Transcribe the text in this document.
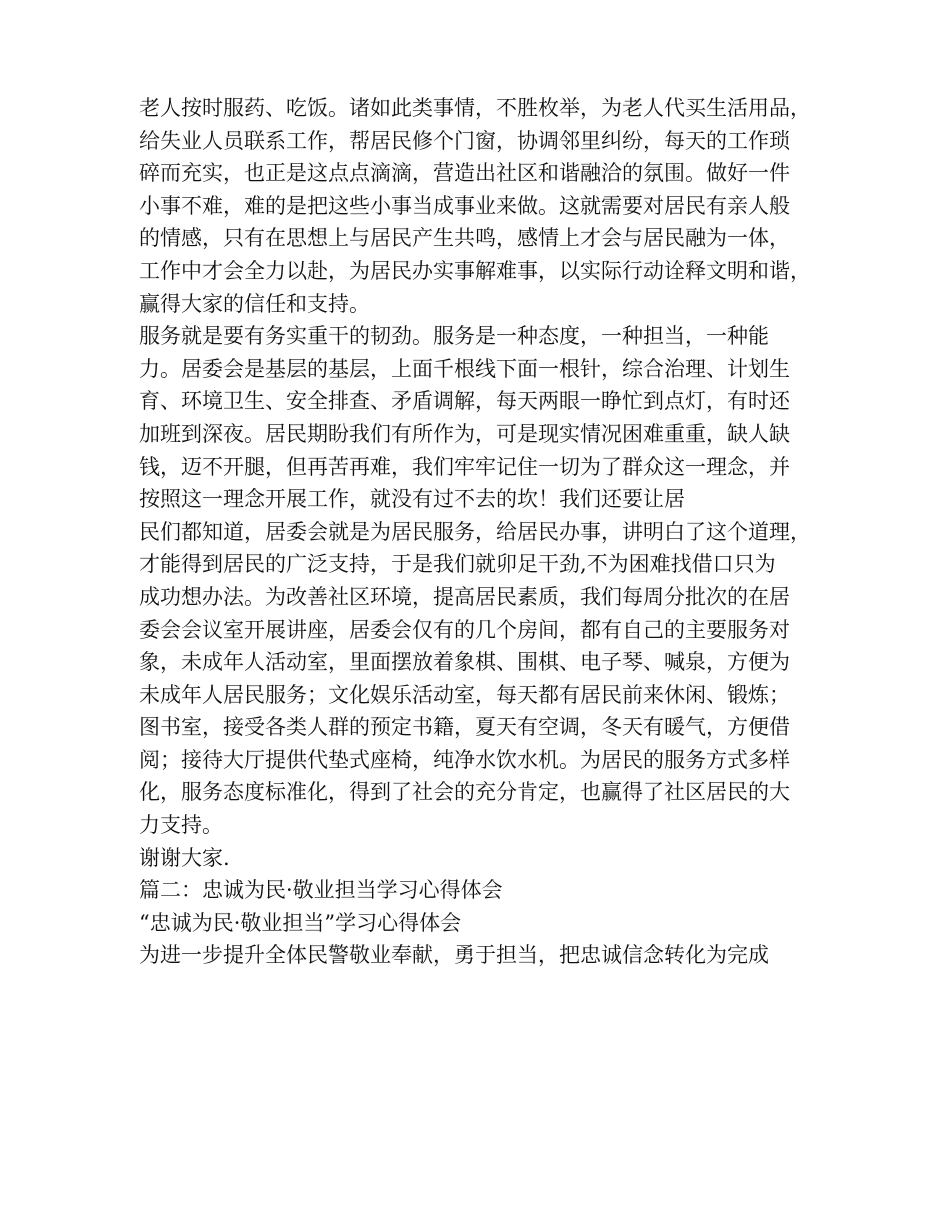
老人按时服药、吃饭。诸如此类事情，不胜枚举，为老人代买生活用品，
给失业人员联系工作，帮居民修个门窗，协调邻里纠纷，每天的工作琐
碎而充实，也正是这点点滴滴，营造出社区和谐融洽的氛围。做好一件
小事不难，难的是把这些小事当成事业来做。这就需要对居民有亲人般
的情感，只有在思想上与居民产生共鸣，感情上才会与居民融为一体，
工作中才会全力以赴，为居民办实事解难事，以实际行动诠释文明和谐，
赢得大家的信任和支持。
服务就是要有务实重干的韧劲。服务是一种态度，一种担当，一种能
力。居委会是基层的基层，上面千根线下面一根针，综合治理、计划生
育、环境卫生、安全排查、矛盾调解，每天两眼一睁忙到点灯，有时还
加班到深夜。居民期盼我们有所作为，可是现实情况困难重重，缺人缺
钱，迈不开腿，但再苦再难，我们牢牢记住一切为了群众这一理念，并
按照这一理念开展工作，就没有过不去的坎！我们还要让居
民们都知道，居委会就是为居民服务，给居民办事，讲明白了这个道理，
才能得到居民的广泛支持，于是我们就卯足干劲,不为困难找借口只为
成功想办法。为改善社区环境，提高居民素质，我们每周分批次的在居
委会会议室开展讲座，居委会仅有的几个房间，都有自己的主要服务对
象，未成年人活动室，里面摆放着象棋、围棋、电子琴、喊泉，方便为
未成年人居民服务；文化娱乐活动室，每天都有居民前来休闲、锻炼；
图书室，接受各类人群的预定书籍，夏天有空调，冬天有暖气，方便借
阅；接待大厅提供代垫式座椅，纯净水饮水机。为居民的服务方式多样
化，服务态度标准化，得到了社会的充分肯定，也赢得了社区居民的大
力支持。
谢谢大家.
篇二：忠诚为民·敬业担当学习心得体会
“忠诚为民·敬业担当”学习心得体会
为进一步提升全体民警敬业奉献，勇于担当，把忠诚信念转化为完成
